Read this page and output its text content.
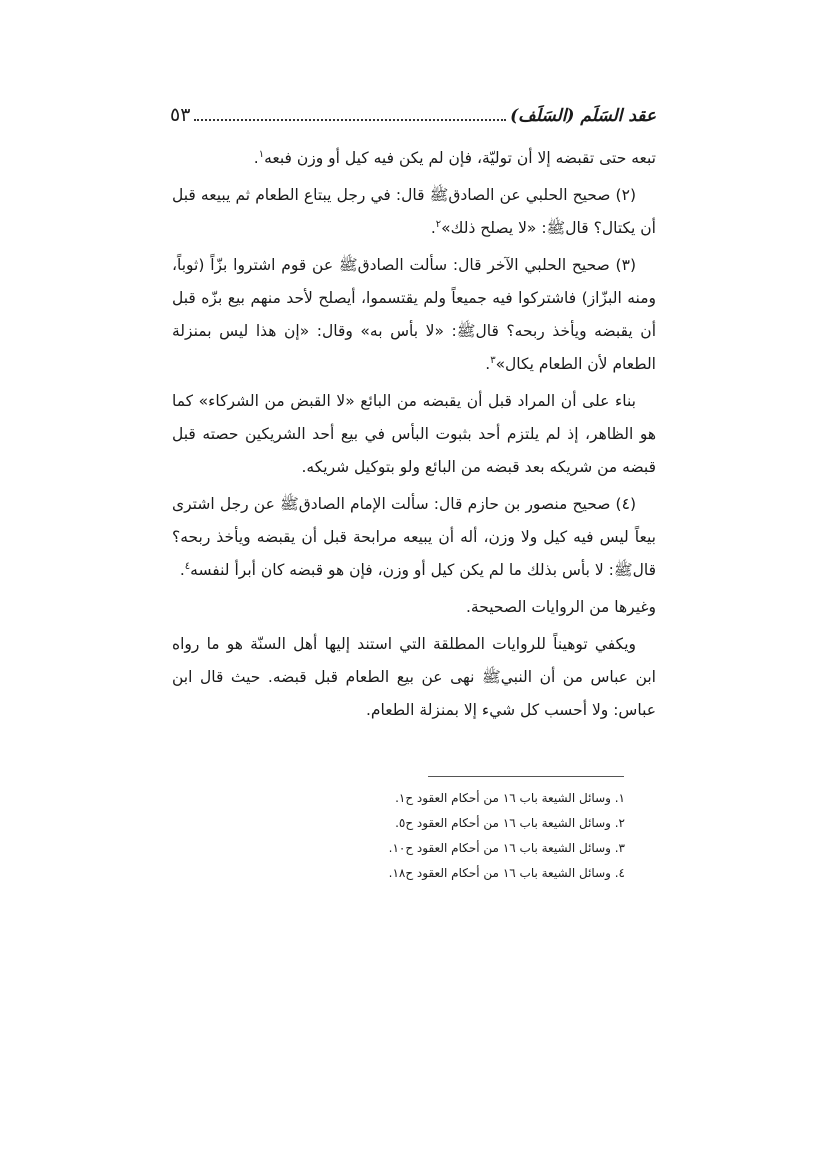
عقد السَلَم (السَلَف)
٥٣

تبعه حتى تقبضه إلا أن توليّة، فإن لم يكن فيه كيل أو وزن فبعه$^١$.

(٢) صحيح الحلبي عن الصادقﷺ قال: في رجل يبتاع الطعام ثم يبيعه قبل أن يكتال؟ قالﷺ: «لا يصلح ذلك»$^٢$.

(٣) صحيح الحلبي الآخر قال: سألت الصادقﷺ عن قوم اشتروا بزّاً (ثوباً، ومنه البزّاز) فاشتركوا فيه جميعاً ولم يقتسموا، أيصلح لأحد منهم بيع بزّه قبل أن يقبضه ويأخذ ربحه؟ قالﷺ: «لا بأس به» وقال: «إن هذا ليس بمنزلة الطعام لأن الطعام يكال»$^٣$.

بناء على أن المراد قبل أن يقبضه من البائع «لا القبض من الشركاء» كما هو الظاهر، إذ لم يلتزم أحد بثبوت البأس في بيع أحد الشريكين حصته قبل قبضه من شريكه بعد قبضه من البائع ولو بتوكيل شريكه.

(٤) صحيح منصور بن حازم قال: سألت الإمام الصادقﷺ عن رجل اشترى بيعاً ليس فيه كيل ولا وزن، أله أن يبيعه مرابحة قبل أن يقبضه ويأخذ ربحه؟ قالﷺ: لا بأس بذلك ما لم يكن كيل أو وزن، فإن هو قبضه كان أبرأ لنفسه$^٤$.

وغيرها من الروايات الصحيحة.

ويكفي توهيناً للروايات المطلقة التي استند إليها أهل السنّة هو ما رواه ابن عباس من أن النبيﷺ نهى عن بيع الطعام قبل قبضه. حيث قال ابن عباس: ولا أحسب كل شيء إلا بمنزلة الطعام.

١. وسائل الشيعة باب ١٦ من أحكام العقود ح١.

٢. وسائل الشيعة باب ١٦ من أحكام العقود ح٥.

٣. وسائل الشيعة باب ١٦ من أحكام العقود ح١٠.

٤. وسائل الشيعة باب ١٦ من أحكام العقود ح١٨.
